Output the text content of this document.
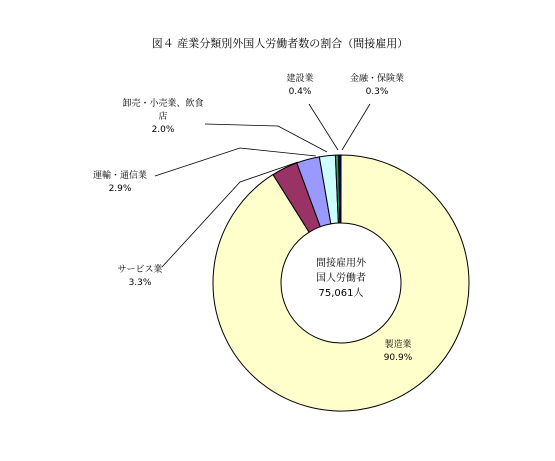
図４ 産業分類別外国人労働者数の割合（間接雇用）
製造業
90.9%
サービス業
3.3%
運輸・通信業
2.9%
卸売・小売業、飲食
店
2.0%
建設業
0.4%
金融・保険業
0.3%
間接雇用外
国人労働者
75,061人
